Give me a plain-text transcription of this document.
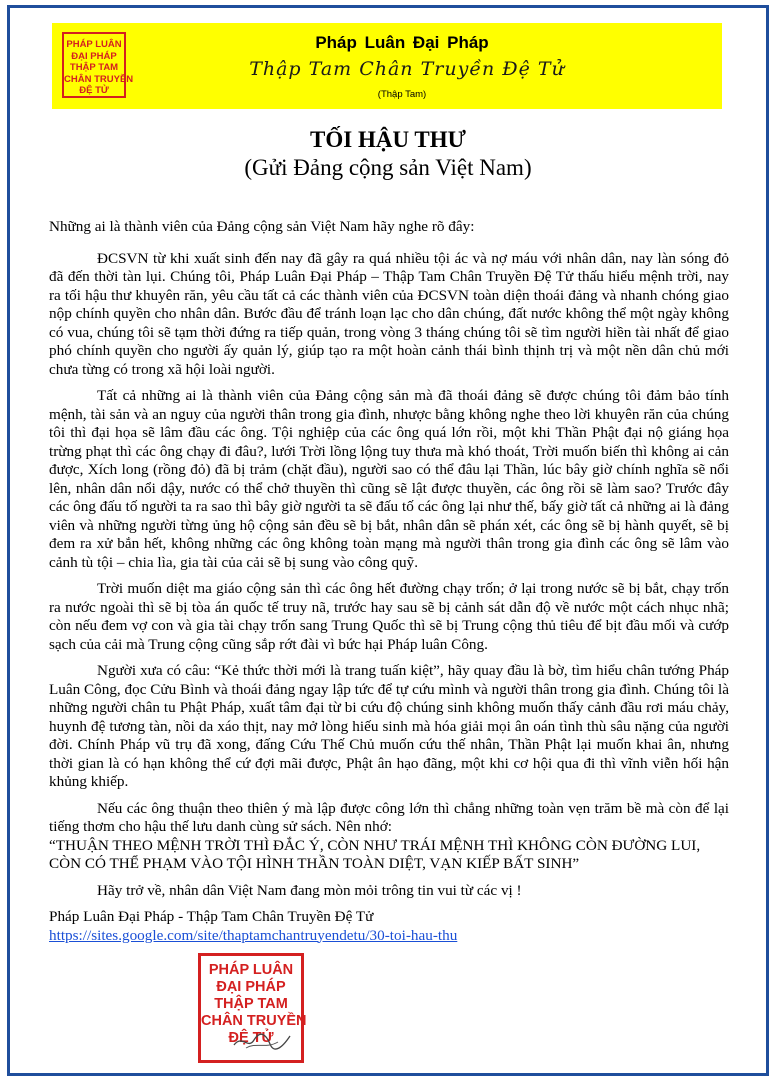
PHÁP LUÂN
ĐẠI PHÁP
THẬP TAM
CHÂN TRUYỀN
ĐỆ TỬ
Pháp Luân Đại Pháp
Thập Tam Chân Truyền Đệ Tử
(Thập Tam)
TỐI HẬU THƯ
(Gửi Đảng cộng sản Việt Nam)

Những ai là thành viên của Đảng cộng sản Việt Nam hãy nghe rõ đây:

ĐCSVN từ khi xuất sinh đến nay đã gây ra quá nhiều tội ác và nợ máu với nhân dân, nay làn sóng đỏ đã đến thời tàn lụi. Chúng tôi, Pháp Luân Đại Pháp – Thập Tam Chân Truyền Đệ Tử thấu hiểu mệnh trời, nay ra tối hậu thư khuyên răn, yêu cầu tất cả các thành viên của ĐCSVN toàn diện thoái đảng và nhanh chóng giao nộp chính quyền cho nhân dân. Bước đầu để tránh loạn lạc cho dân chúng, đất nước không thể một ngày không có vua, chúng tôi sẽ tạm thời đứng ra tiếp quản, trong vòng 3 tháng chúng tôi sẽ tìm người hiền tài nhất để giao phó chính quyền cho người ấy quản lý, giúp tạo ra một hoàn cảnh thái bình thịnh trị và một nền dân chủ mới chưa từng có trong xã hội loài người.

Tất cả những ai là thành viên của Đảng cộng sản mà đã thoái đảng sẽ được chúng tôi đảm bảo tính mệnh, tài sản và an nguy của người thân trong gia đình, nhược bằng không nghe theo lời khuyên răn của chúng tôi thì đại họa sẽ lâm đầu các ông. Tội nghiệp của các ông quá lớn rồi, một khi Thần Phật đại nộ giáng họa trừng phạt thì các ông chạy đi đâu?, lưới Trời lồng lộng tuy thưa mà khó thoát, Trời muốn biến thì không ai cản được, Xích long (rồng đỏ) đã bị trảm (chặt đầu), người sao có thể đâu lại Thần, lúc bây giờ chính nghĩa sẽ nổi lên, nhân dân nổi dậy, nước có thể chở thuyền thì cũng sẽ lật được thuyền, các ông rồi sẽ làm sao? Trước đây các ông đấu tố người ta ra sao thì bây giờ người ta sẽ đấu tố các ông lại như thế, bấy giờ tất cả những ai là đảng viên và những người từng ủng hộ cộng sản đều sẽ bị bắt, nhân dân sẽ phán xét, các ông sẽ bị hành quyết, sẽ bị đem ra xử bắn hết, không những các ông không toàn mạng mà người thân trong gia đình các ông sẽ lâm vào cảnh tù tội – chia lìa, gia tài của cải sẽ bị sung vào công quỹ.

Trời muốn diệt ma giáo cộng sản thì các ông hết đường chạy trốn; ở lại trong nước sẽ bị bắt, chạy trốn ra nước ngoài thì sẽ bị tòa án quốc tế truy nã, trước hay sau sẽ bị cảnh sát dẫn độ về nước một cách nhục nhã; còn nếu đem vợ con và gia tài chạy trốn sang Trung Quốc thì sẽ bị Trung cộng thủ tiêu để bịt đầu mối và cướp sạch của cải mà Trung cộng cũng sắp rớt đài vì bức hại Pháp luân Công.

Người xưa có câu: “Kẻ thức thời mới là trang tuấn kiệt”, hãy quay đầu là bờ, tìm hiểu chân tướng Pháp Luân Công, đọc Cửu Bình và thoái đảng ngay lập tức để tự cứu mình và người thân trong gia đình. Chúng tôi là những người chân tu Phật Pháp, xuất tâm đại từ bi cứu độ chúng sinh không muốn thấy cảnh đầu rơi máu chảy, huynh đệ tương tàn, nồi da xáo thịt, nay mở lòng hiếu sinh mà hóa giải mọi ân oán tình thù sâu nặng của người đời. Chính Pháp vũ trụ đã xong, đấng Cứu Thế Chủ muốn cứu thế nhân, Thần Phật lại muốn khai ân, nhưng thời gian là có hạn không thể cứ đợi mãi được, Phật ân hạo đãng, một khi cơ hội qua đi thì vĩnh viễn hối hận khủng khiếp.

Nếu các ông thuận theo thiên ý mà lập được công lớn thì chẳng những toàn vẹn trăm bề mà còn để lại tiếng thơm cho hậu thế lưu danh cùng sử sách. Nên nhớ:

“THUẬN THEO MỆNH TRỜI THÌ ĐẮC Ý, CÒN NHƯ TRÁI MỆNH THÌ KHÔNG CÒN ĐƯỜNG LUI, CÒN CÓ THỂ PHẠM VÀO TỘI HÌNH THẦN TOÀN DIỆT, VẠN KIẾP BẤT SINH”

Hãy trở về, nhân dân Việt Nam đang mòn mỏi trông tin vui từ các vị !

Pháp Luân Đại Pháp - Thập Tam Chân Truyền Đệ Tử

https://sites.google.com/site/thaptamchantruyendetu/30-toi-hau-thu

PHÁP LUÂN
ĐẠI PHÁP
THẬP TAM
CHÂN TRUYỀN
ĐỆ TỬ
